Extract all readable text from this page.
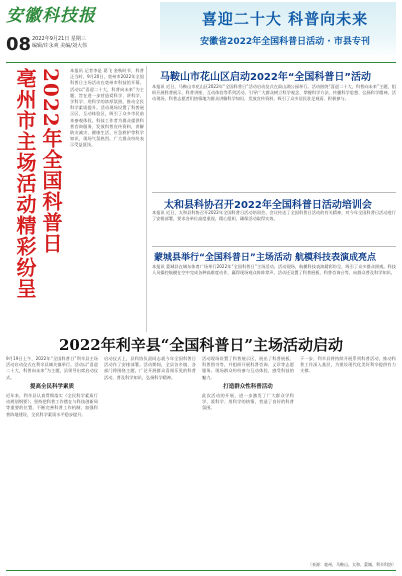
安徽科技报
08 2022年9月21日 星期三
编辑/许永爽 美编/刘大伟
喜迎二十大 科普向未来
安徽省2022年全国科普日活动 · 市县专刊
亳州市主场活动精彩纷呈 2022年全国科普日 本报讯 记者李是 葛飞 金秋时节，科普正当时。9月20日，亳州市2022年全国科普日主场活动在亳州市科技馆开幕。活动以“喜迎二十大，科普向未来”为主题，旨在进一步营造爱科学、讲科学、学科学、用科学的浓厚氛围，推动全民科学素质提升。活动现场设置了科普展示区、互动体验区，吸引了众多市民前来参观体验。科技工作者为群众提供科普咨询服务，发放科普宣传资料，讲解防灾减灾、健康生活、应急救护等科学知识，现场气氛热烈，广大群众纷纷表示受益匪浅。
马鞍山市花山区启动2022年“全国科普日”活动
本报讯 近日，马鞍山市花山区2022年“全国科普日”活动启动仪式在雨山湖公园举行。活动围绕“喜迎二十大，科普向未来”主题，组织开展科普展示、科普讲座、互动体验等系列活动，引导广大群众树立科学观念、掌握科学方法、传播科学思想、弘扬科学精神。活动现场，科普志愿者们热情地为群众讲解科学知识，发放宣传资料，吸引了众多居民驻足观看、积极参与。
太和县科协召开2022年全国科普日活动培训会
本报讯 近日，太和县科协召开2022年全国科普日活动培训会。会议传达了全国科普日活动的有关精神，对今年全国科普日活动进行了安排部署，要求各单位高度重视，精心组织，确保活动取得实效。
蒙城县举行“全国科普日”主场活动 航模科技表演成亮点
本报讯 蒙城县在城东体育广场举行2022年“全国科普日”主场活动。活动现场，航模科技表演精彩纷呈，吸引了众多群众围观。科技人员操控航模在空中完成各种高难度动作，赢得现场观众阵阵掌声。活动还设置了科普展板、科普咨询台等，向群众普及科学知识。
2022年利辛县“全国科普日”主场活动启动
9月19日上午，2022年“全国科普日”利辛县主场活动启动仪式在利辛县城关镇举行。活动以“喜迎二十大，科普向未来”为主题，县领导出席启动仪式。
提高全民科学素质
近年来，利辛县认真贯彻落实《全民科学素质行动规划纲要》，坚持把科普工作摆在与科技创新同等重要的位置，不断完善科普工作机制，加强科普阵地建设，全民科学素质水平稳步提升。
启动仪式上，县科协负责同志就今年全国科普日活动作了安排部署。活动期间，全县各乡镇、各部门将围绕主题，广泛开展群众喜闻乐见的科普活动，普及科学知识，弘扬科学精神。
活动现场设置了科普展示区，展出了科普展板、科普图书等，并组织开展科普咨询、义诊等志愿服务。现场群众纷纷参与互动体验，感受科技的魅力。
打造群众性科普活动
此次活动的开展，进一步激发了广大群众学科学、爱科学、用科学的热情，营造了良好的科普氛围。
下一步，利辛县将持续开展系列科普活动，推动科普工作深入基层，为建设现代化美好利辛提供有力支撑。
（来源：亳州、马鞍山、太和、蒙城、利辛科协）
